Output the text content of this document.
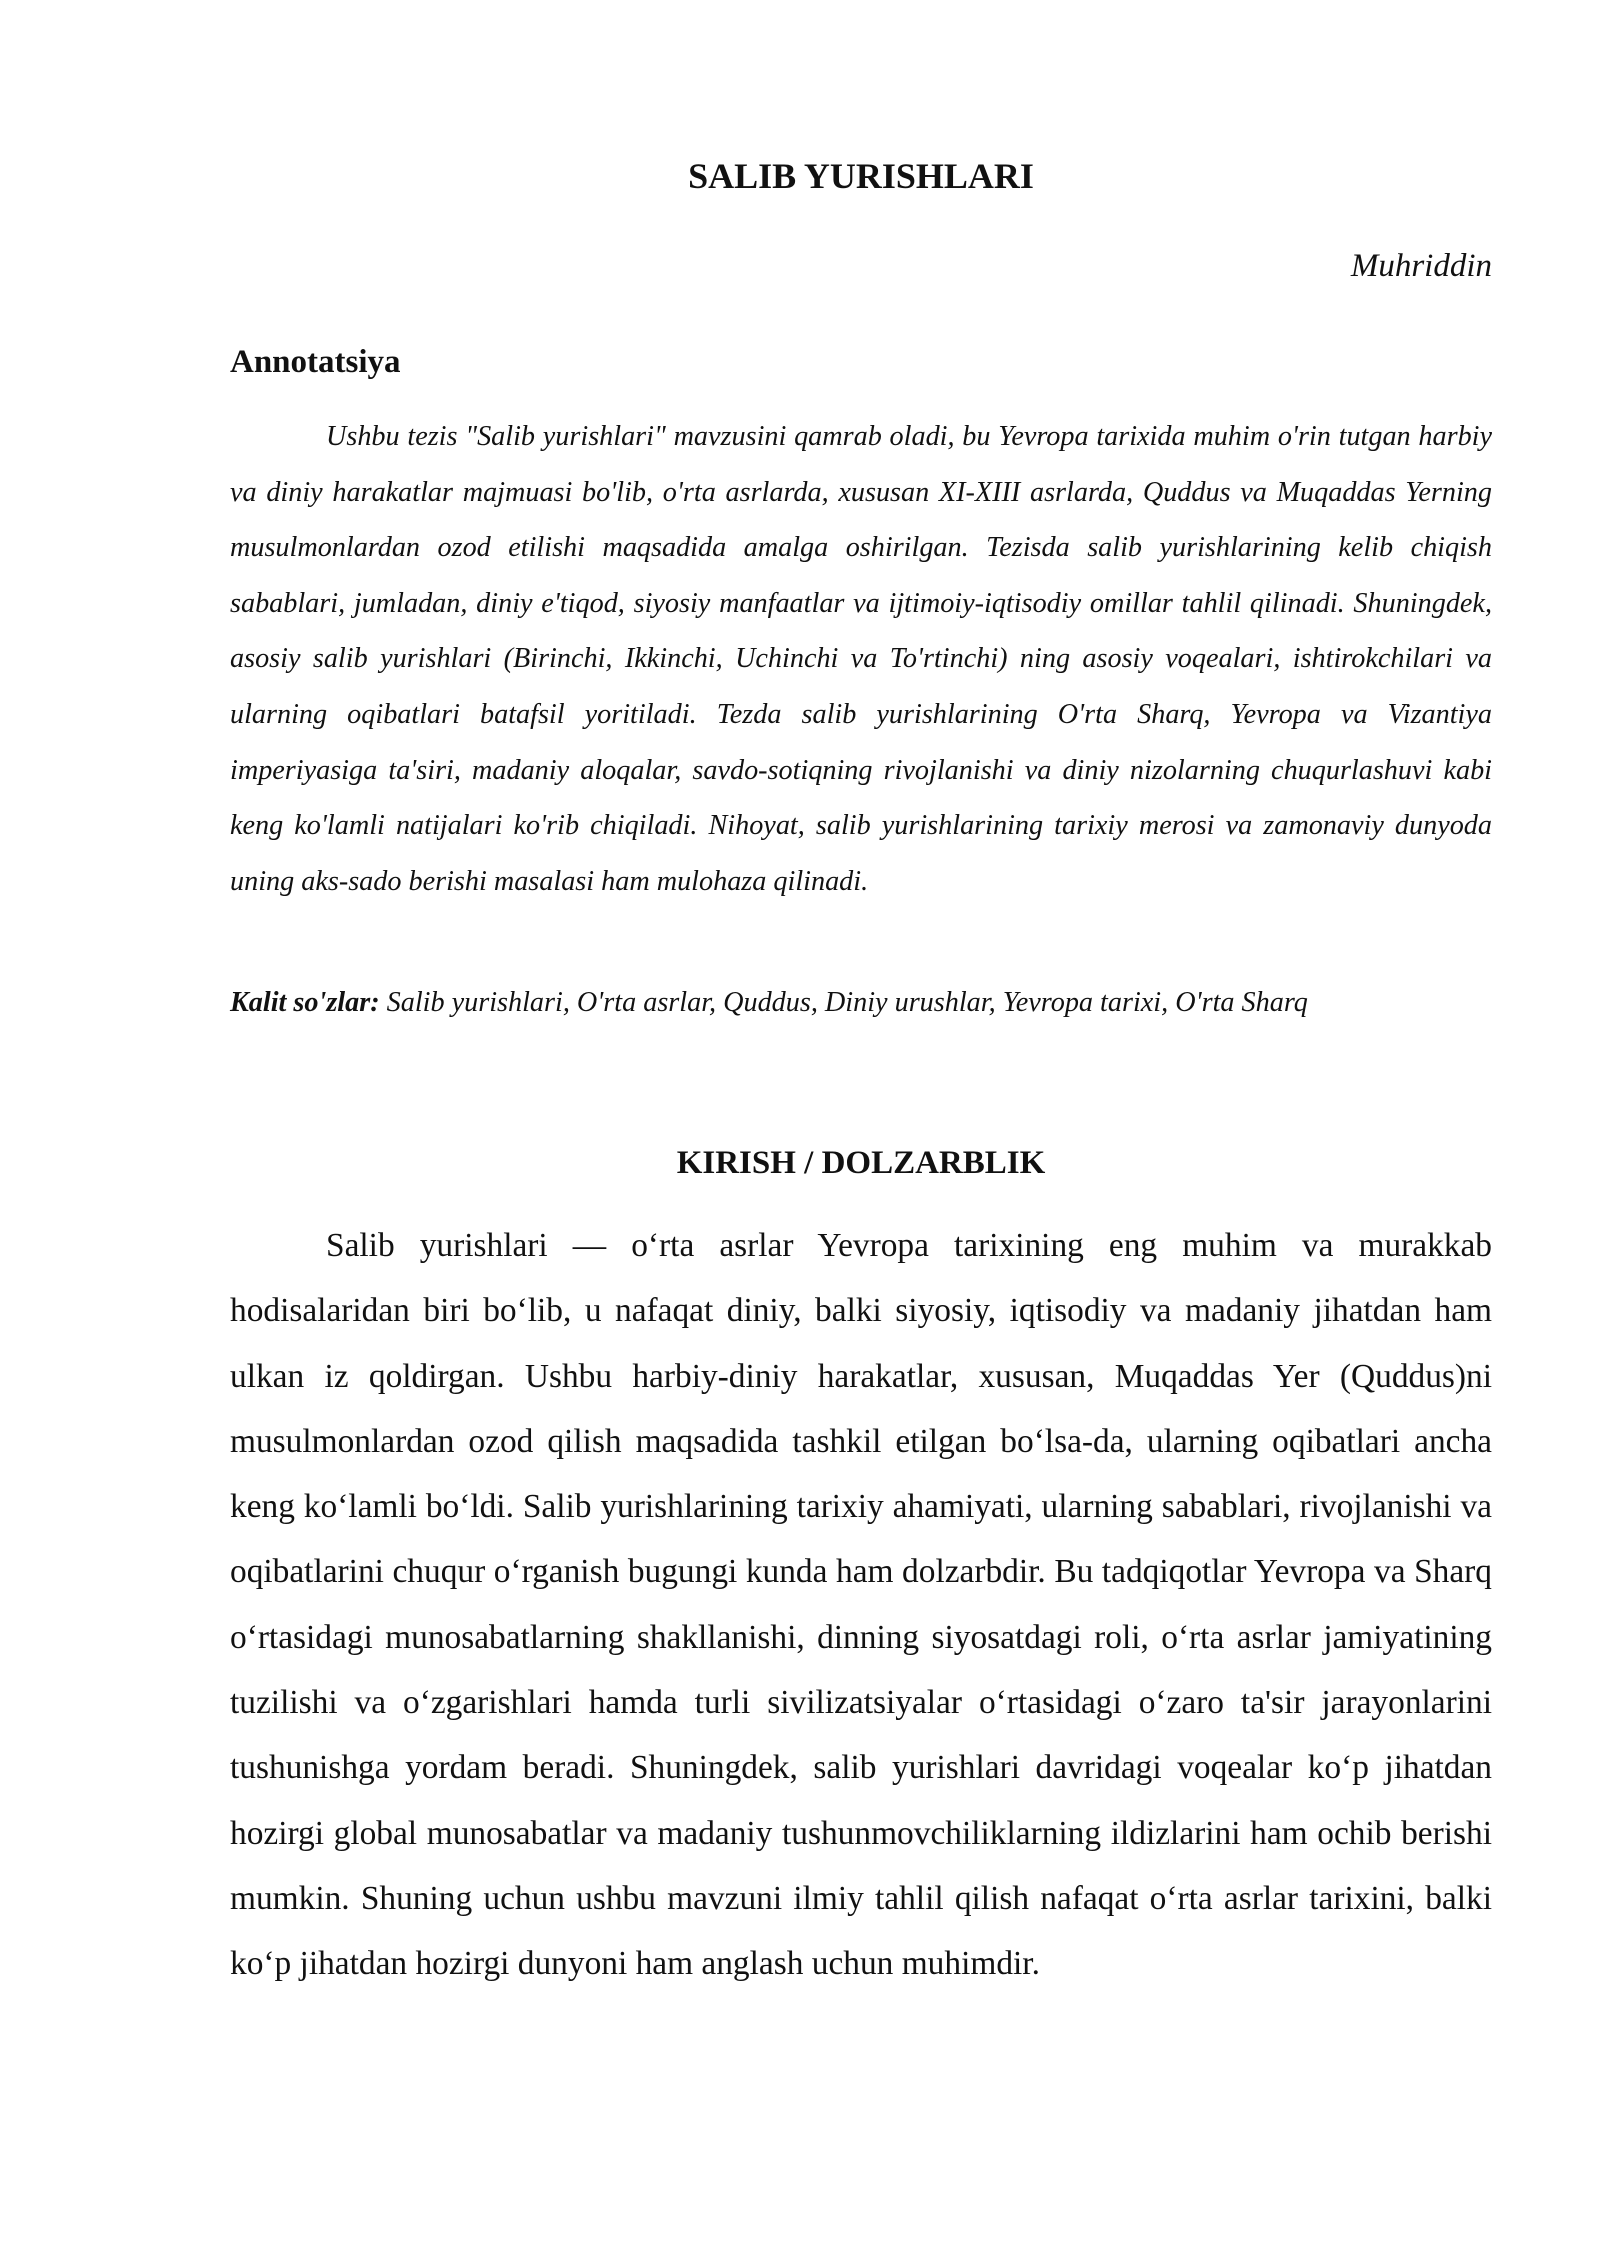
SALIB YURISHLARI
Muhriddin
Annotatsiya

Ushbu tezis "Salib yurishlari" mavzusini qamrab oladi, bu Yevropa tarixida muhim o'rin tutgan harbiy va diniy harakatlar majmuasi bo'lib, o'rta asrlarda, xususan XI-XIII asrlarda, Quddus va Muqaddas Yerning musulmonlardan ozod etilishi maqsadida amalga oshirilgan. Tezisda salib yurishlarining kelib chiqish sabablari, jumladan, diniy e'tiqod, siyosiy manfaatlar va ijtimoiy-iqtisodiy omillar tahlil qilinadi. Shuningdek, asosiy salib yurishlari (Birinchi, Ikkinchi, Uchinchi va To'rtinchi) ning asosiy voqealari, ishtirokchilari va ularning oqibatlari batafsil yoritiladi. Tezda salib yurishlarining O'rta Sharq, Yevropa va Vizantiya imperiyasiga ta'siri, madaniy aloqalar, savdo-sotiqning rivojlanishi va diniy nizolarning chuqurlashuvi kabi keng ko'lamli natijalari ko'rib chiqiladi. Nihoyat, salib yurishlarining tarixiy merosi va zamonaviy dunyoda uning aks-sado berishi masalasi ham mulohaza qilinadi.

Kalit so'zlar: Salib yurishlari, O'rta asrlar, Quddus, Diniy urushlar, Yevropa tarixi, O'rta Sharq

KIRISH / DOLZARBLIK

Salib yurishlari — o‘rta asrlar Yevropa tarixining eng muhim va murakkab hodisalaridan biri bo‘lib, u nafaqat diniy, balki siyosiy, iqtisodiy va madaniy jihatdan ham ulkan iz qoldirgan. Ushbu harbiy-diniy harakatlar, xususan, Muqaddas Yer (Quddus)ni musulmonlardan ozod qilish maqsadida tashkil etilgan bo‘lsa-da, ularning oqibatlari ancha keng ko‘lamli bo‘ldi. Salib yurishlarining tarixiy ahamiyati, ularning sabablari, rivojlanishi va oqibatlarini chuqur o‘rganish bugungi kunda ham dolzarbdir. Bu tadqiqotlar Yevropa va Sharq o‘rtasidagi munosabatlarning shakllanishi, dinning siyosatdagi roli, o‘rta asrlar jamiyatining tuzilishi va o‘zgarishlari hamda turli sivilizatsiyalar o‘rtasidagi o‘zaro ta'sir jarayonlarini tushunishga yordam beradi. Shuningdek, salib yurishlari davridagi voqealar ko‘p jihatdan hozirgi global munosabatlar va madaniy tushunmovchiliklarning ildizlarini ham ochib berishi mumkin. Shuning uchun ushbu mavzuni ilmiy tahlil qilish nafaqat o‘rta asrlar tarixini, balki ko‘p jihatdan hozirgi dunyoni ham anglash uchun muhimdir.
